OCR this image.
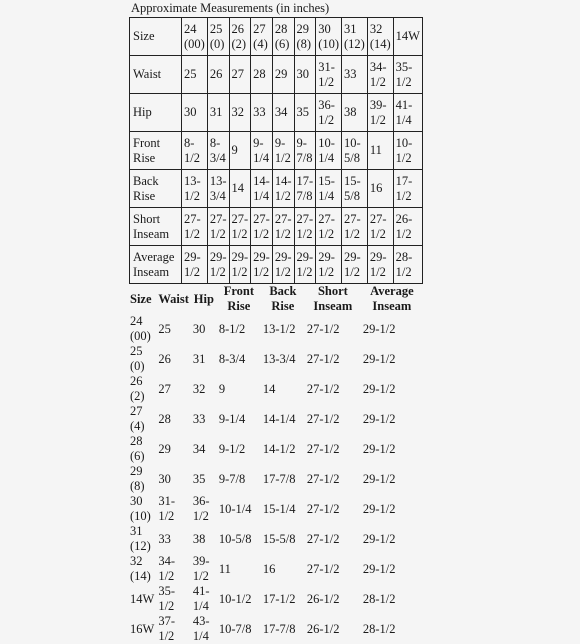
Approximate Measurements (in inches)
Size	24 (00)	25 (0)	26 (2)	27 (4)	28 (6)	29 (8)	30 (10)	31 (12)	32 (14)	14W
Waist	25	26	27	28	29	30	31-1/2	33	34-1/2	35-1/2
Hip	30	31	32	33	34	35	36-1/2	38	39-1/2	41-1/4
Front Rise	8-1/2	8-3/4	9	9-1/4	9-1/2	9-7/8	10-1/4	10-5/8	11	10-1/2
Back Rise	13-1/2	13-3/4	14	14-1/4	14-1/2	17-7/8	15-1/4	15-5/8	16	17-1/2
Short Inseam	27-1/2	27-1/2	27-1/2	27-1/2	27-1/2	27-1/2	27-1/2	27-1/2	27-1/2	26-1/2
Average Inseam	29-1/2	29-1/2	29-1/2	29-1/2	29-1/2	29-1/2	29-1/2	29-1/2	29-1/2	28-1/2
Size	Waist	Hip	Front Rise	Back Rise	Short Inseam	Average Inseam
24 (00)	25	30	8-1/2	13-1/2	27-1/2	29-1/2
25 (0)	26	31	8-3/4	13-3/4	27-1/2	29-1/2
26 (2)	27	32	9	14	27-1/2	29-1/2
27 (4)	28	33	9-1/4	14-1/4	27-1/2	29-1/2
28 (6)	29	34	9-1/2	14-1/2	27-1/2	29-1/2
29 (8)	30	35	9-7/8	17-7/8	27-1/2	29-1/2
30 (10)	31-1/2	36-1/2	10-1/4	15-1/4	27-1/2	29-1/2
31 (12)	33	38	10-5/8	15-5/8	27-1/2	29-1/2
32 (14)	34-1/2	39-1/2	11	16	27-1/2	29-1/2
14W	35-1/2	41-1/4	10-1/2	17-1/2	26-1/2	28-1/2
16W	37-1/2	43-1/4	10-7/8	17-7/8	26-1/2	28-1/2
